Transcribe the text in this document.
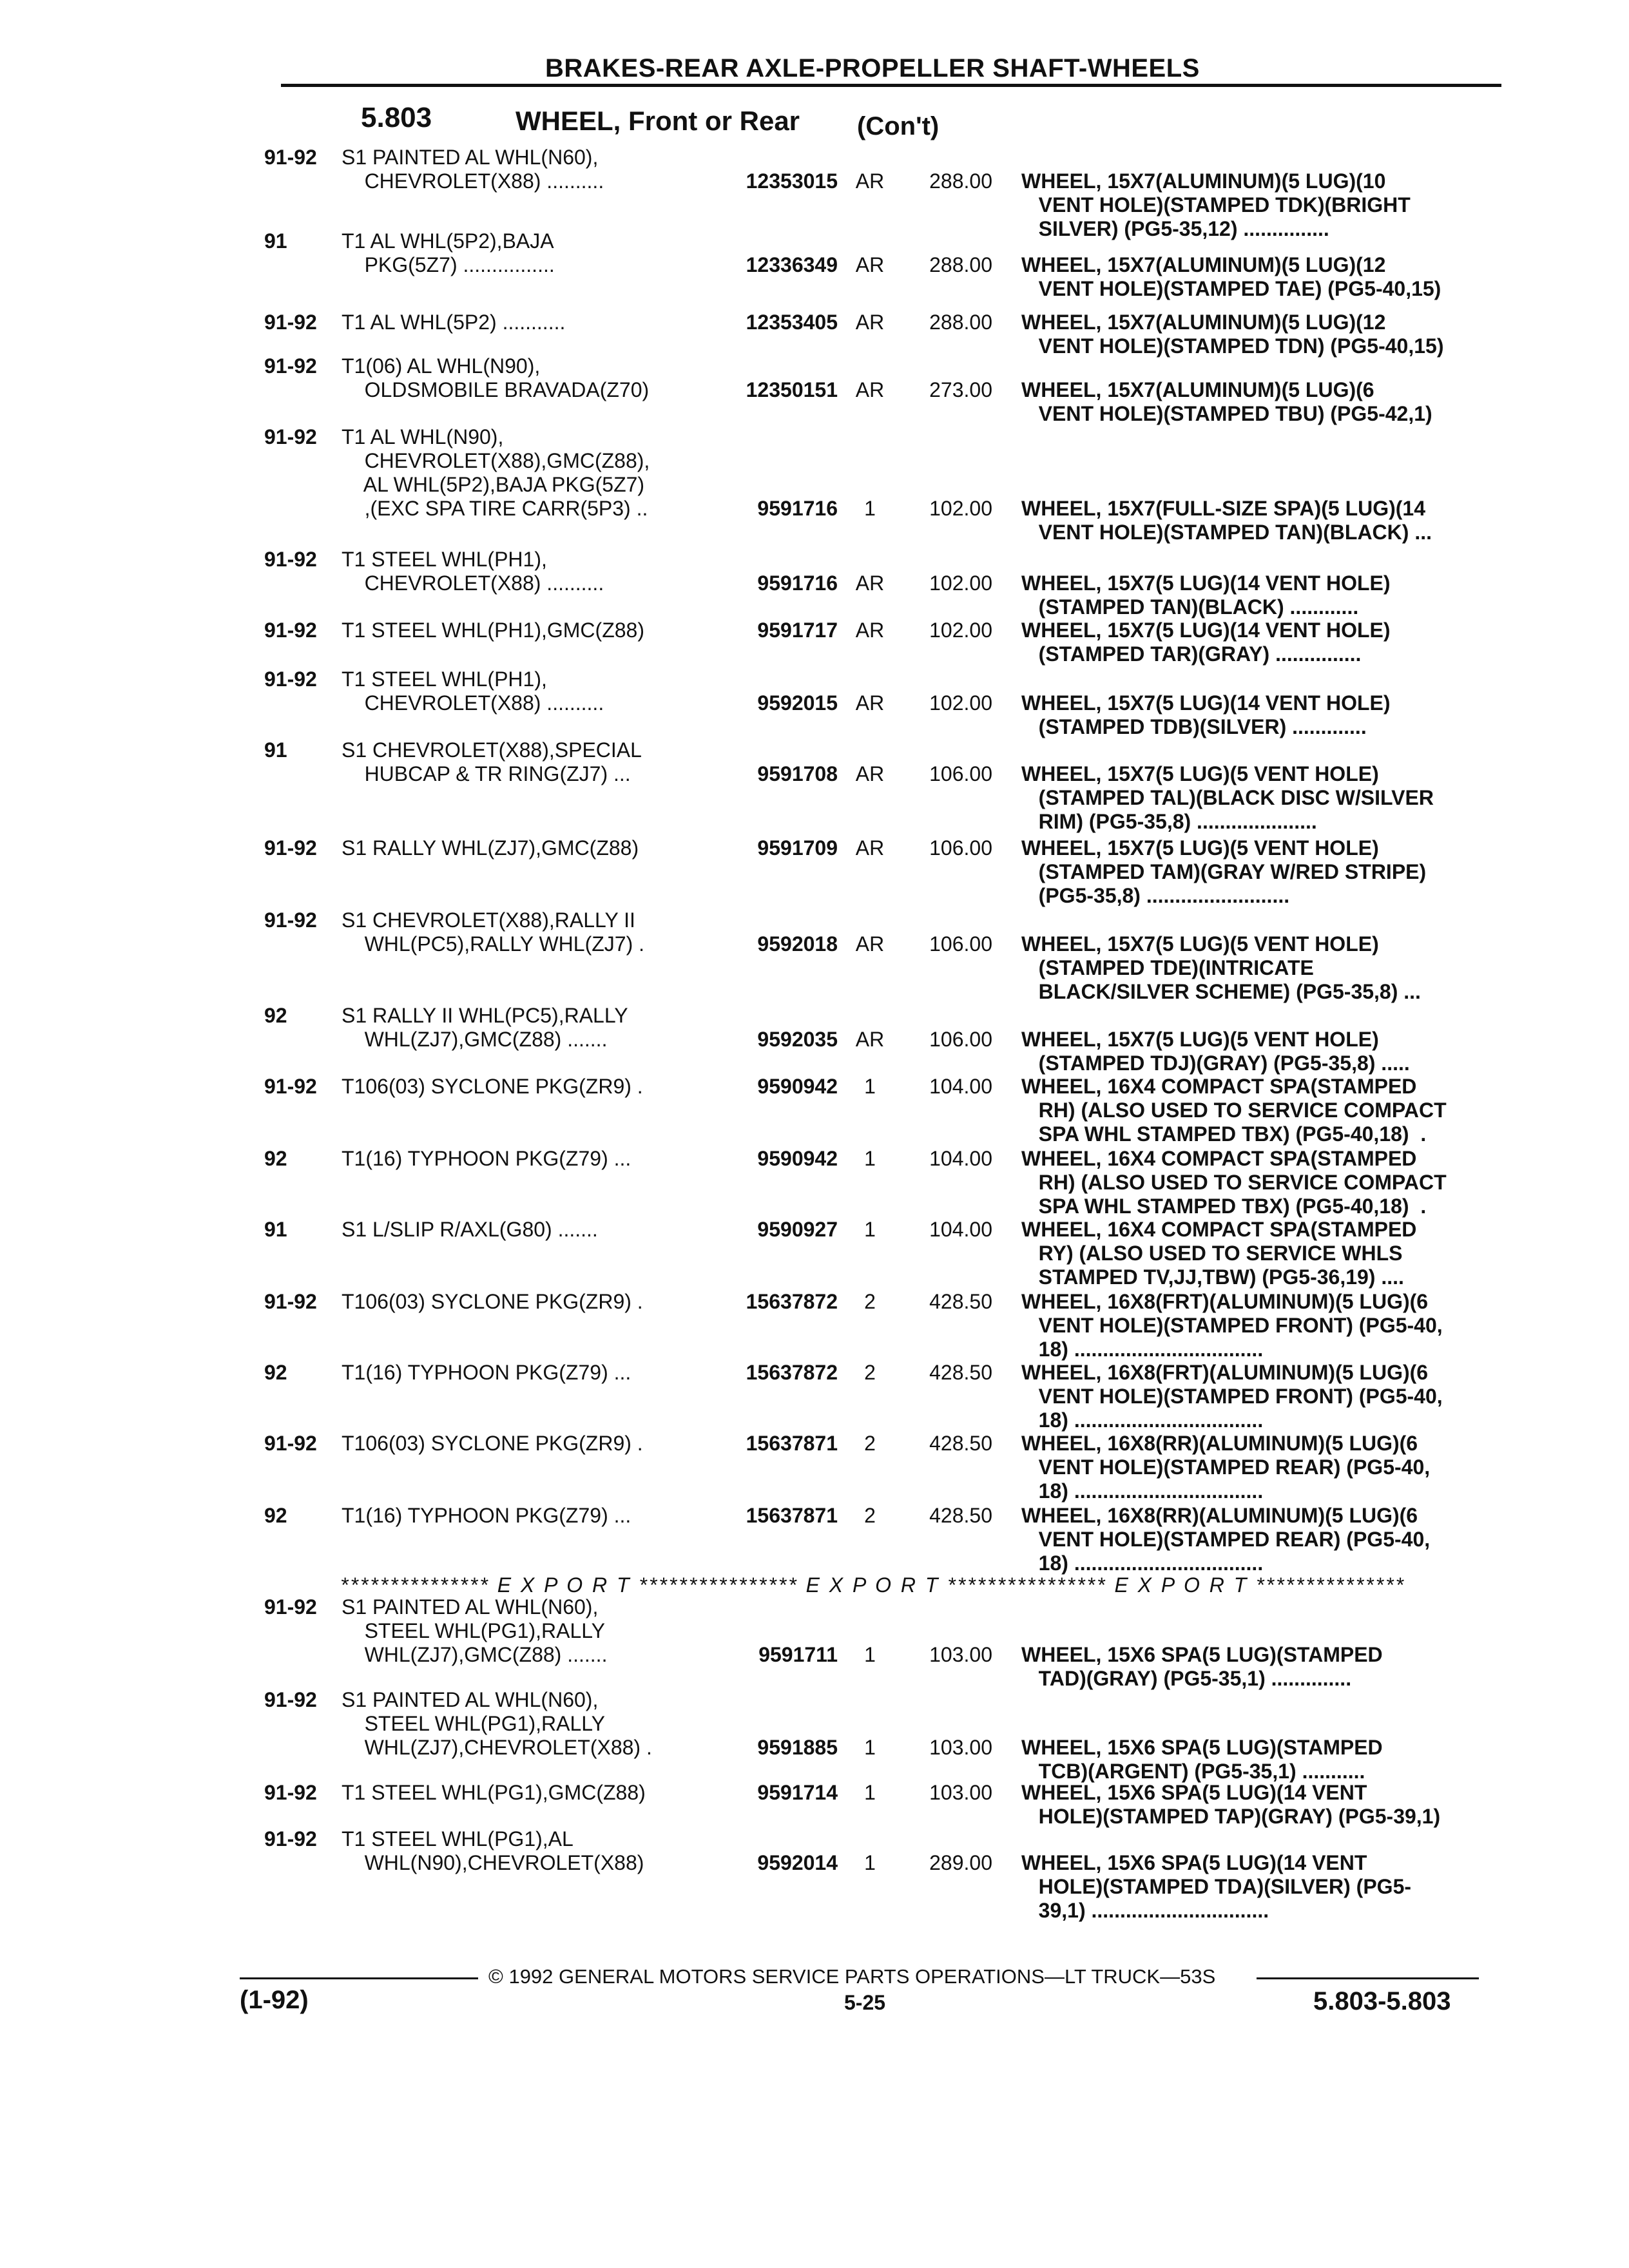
BRAKES-REAR AXLE-PROPELLER SHAFT-WHEELS
5.803	WHEEL, Front or Rear (Con't)
91-92 S1 PAINTED AL WHL(N60),
CHEVROLET(X88) ..........	12353015 AR	288.00 WHEEL, 15X7(ALUMINUM)(5 LUG)(10
VENT HOLE)(STAMPED TDK)(BRIGHT
SILVER) (PG5-35,12) ...............
91	T1 AL WHL(5P2),BAJA
PKG(5Z7) ................	12336349 AR	288.00 WHEEL, 15X7(ALUMINUM)(5 LUG)(12
VENT HOLE)(STAMPED TAE) (PG5-40,15)
91-92 T1 AL WHL(5P2) ...........	12353405 AR	288.00 WHEEL, 15X7(ALUMINUM)(5 LUG)(12
VENT HOLE)(STAMPED TDN) (PG5-40,15)
91-92 T1(06) AL WHL(N90),
OLDSMOBILE BRAVADA(Z70)	12350151 AR	273.00 WHEEL, 15X7(ALUMINUM)(5 LUG)(6
VENT HOLE)(STAMPED TBU) (PG5-42,1)
91-92 T1 AL WHL(N90),
CHEVROLET(X88),GMC(Z88),
AL WHL(5P2),BAJA PKG(5Z7)
,(EXC SPA TIRE CARR(5P3) ..	9591716	1	102.00 WHEEL, 15X7(FULL-SIZE SPA)(5 LUG)(14
VENT HOLE)(STAMPED TAN)(BLACK) ...
91-92 T1 STEEL WHL(PH1),
CHEVROLET(X88) ..........	9591716 AR	102.00 WHEEL, 15X7(5 LUG)(14 VENT HOLE)
(STAMPED TAN)(BLACK) ............
91-92 T1 STEEL WHL(PH1),GMC(Z88)	9591717 AR	102.00 WHEEL, 15X7(5 LUG)(14 VENT HOLE)
(STAMPED TAR)(GRAY) ...............
91-92 T1 STEEL WHL(PH1),
CHEVROLET(X88) ..........	9592015 AR	102.00 WHEEL, 15X7(5 LUG)(14 VENT HOLE)
(STAMPED TDB)(SILVER) .............
91	S1 CHEVROLET(X88),SPECIAL
HUBCAP & TR RING(ZJ7) ...	9591708 AR	106.00 WHEEL, 15X7(5 LUG)(5 VENT HOLE)
(STAMPED TAL)(BLACK DISC W/SILVER
RIM) (PG5-35,8) .....................
91-92 S1 RALLY WHL(ZJ7),GMC(Z88)	9591709 AR	106.00 WHEEL, 15X7(5 LUG)(5 VENT HOLE)
(STAMPED TAM)(GRAY W/RED STRIPE)
(PG5-35,8) .........................
91-92 S1 CHEVROLET(X88),RALLY II
WHL(PC5),RALLY WHL(ZJ7) .	9592018 AR	106.00 WHEEL, 15X7(5 LUG)(5 VENT HOLE)
(STAMPED TDE)(INTRICATE
BLACK/SILVER SCHEME) (PG5-35,8) ...
92	S1 RALLY II WHL(PC5),RALLY
WHL(ZJ7),GMC(Z88) .......	9592035 AR	106.00 WHEEL, 15X7(5 LUG)(5 VENT HOLE)
(STAMPED TDJ)(GRAY) (PG5-35,8) .....
91-92 T106(03) SYCLONE PKG(ZR9) .	9590942	1	104.00 WHEEL, 16X4 COMPACT SPA(STAMPED
RH) (ALSO USED TO SERVICE COMPACT
SPA WHL STAMPED TBX) (PG5-40,18)  .
92	T1(16) TYPHOON PKG(Z79) ...	9590942	1	104.00 WHEEL, 16X4 COMPACT SPA(STAMPED
RH) (ALSO USED TO SERVICE COMPACT
SPA WHL STAMPED TBX) (PG5-40,18)  .
91	S1 L/SLIP R/AXL(G80) .......	9590927	1	104.00 WHEEL, 16X4 COMPACT SPA(STAMPED
RY) (ALSO USED TO SERVICE WHLS
STAMPED TV,JJ,TBW) (PG5-36,19) ....
91-92 T106(03) SYCLONE PKG(ZR9) .	15637872	2	428.50 WHEEL, 16X8(FRT)(ALUMINUM)(5 LUG)(6
VENT HOLE)(STAMPED FRONT) (PG5-40,
18) .................................
92	T1(16) TYPHOON PKG(Z79) ...	15637872	2	428.50 WHEEL, 16X8(FRT)(ALUMINUM)(5 LUG)(6
VENT HOLE)(STAMPED FRONT) (PG5-40,
18) .................................
91-92 T106(03) SYCLONE PKG(ZR9) .	15637871	2	428.50 WHEEL, 16X8(RR)(ALUMINUM)(5 LUG)(6
VENT HOLE)(STAMPED REAR) (PG5-40,
18) .................................
92	T1(16) TYPHOON PKG(Z79) ...	15637871	2	428.50 WHEEL, 16X8(RR)(ALUMINUM)(5 LUG)(6
VENT HOLE)(STAMPED REAR) (PG5-40,
18) .................................
*************** E X P O R T **************** E X P O R T **************** E X P O R T ***************
91-92 S1 PAINTED AL WHL(N60),
STEEL WHL(PG1),RALLY
WHL(ZJ7),GMC(Z88) .......	9591711	1	103.00 WHEEL, 15X6 SPA(5 LUG)(STAMPED
TAD)(GRAY) (PG5-35,1) ..............
91-92 S1 PAINTED AL WHL(N60),
STEEL WHL(PG1),RALLY
WHL(ZJ7),CHEVROLET(X88) .	9591885	1	103.00 WHEEL, 15X6 SPA(5 LUG)(STAMPED
TCB)(ARGENT) (PG5-35,1) ...........
91-92 T1 STEEL WHL(PG1),GMC(Z88)	9591714	1	103.00 WHEEL, 15X6 SPA(5 LUG)(14 VENT
HOLE)(STAMPED TAP)(GRAY) (PG5-39,1)
91-92 T1 STEEL WHL(PG1),AL
WHL(N90),CHEVROLET(X88)	9592014	1	289.00 WHEEL, 15X6 SPA(5 LUG)(14 VENT
HOLE)(STAMPED TDA)(SILVER) (PG5-
39,1) ...............................
© 1992 GENERAL MOTORS SERVICE PARTS OPERATIONS—LT TRUCK—53S
(1-92)	5-25	5.803-5.803
